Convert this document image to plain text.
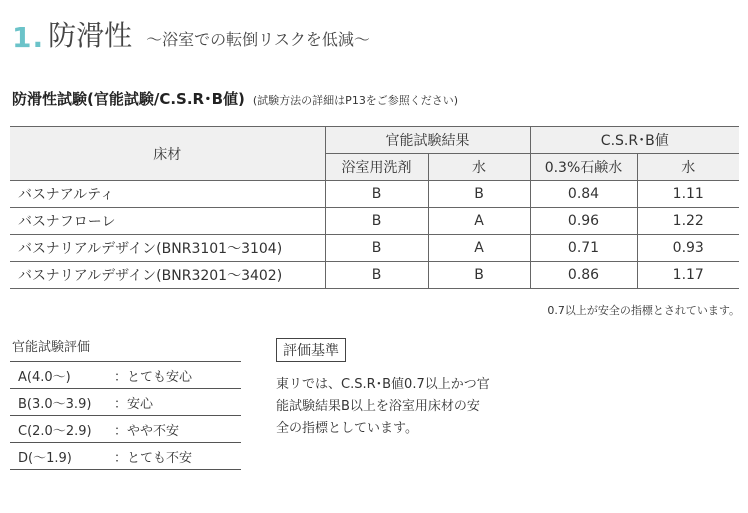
1. 防滑性 ～浴室での転倒リスクを低減～
防滑性試験(官能試験/C.S.R･B値) (試験方法の詳細はP13をご参照ください)
床材	官能試験結果		C.S.R･B値	
	浴室用洗剤	水	0.3%石鹸水	水
バスナアルティ	B	B	0.84	1.11
バスナフローレ	B	A	0.96	1.22
バスナリアルデザイン(BNR3101～3104)	B	A	0.71	0.93
バスナリアルデザイン(BNR3201～3402)	B	B	0.86	1.17
0.7以上が安全の指標とされています。
官能試験評価
A(4.0～)	：とても安心
B(3.0～3.9)	：安心
C(2.0～2.9)	：やや不安
D(～1.9)	：とても不安
評価基準
東リでは、C.S.R･B値0.7以上かつ官
能試験結果B以上を浴室用床材の安
全の指標としています。
